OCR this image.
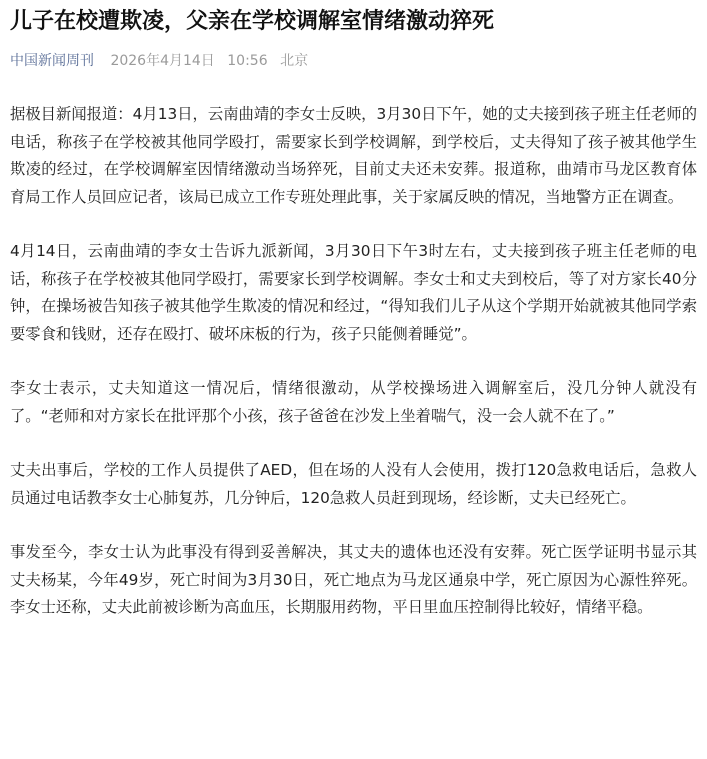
儿子在校遭欺凌，父亲在学校调解室情绪激动猝死
中国新闻周刊 2026年4月14日 10:56 北京

据极目新闻报道：4月13日，云南曲靖的李女士反映，3月30日下午，她的丈夫接到孩子班主任老师的电话，称孩子在学校被其他同学殴打，需要家长到学校调解，到学校后，丈夫得知了孩子被其他学生欺凌的经过，在学校调解室因情绪激动当场猝死，目前丈夫还未安葬。报道称，曲靖市马龙区教育体育局工作人员回应记者，该局已成立工作专班处理此事，关于家属反映的情况，当地警方正在调查。

4月14日，云南曲靖的李女士告诉九派新闻，3月30日下午3时左右，丈夫接到孩子班主任老师的电话，称孩子在学校被其他同学殴打，需要家长到学校调解。李女士和丈夫到校后，等了对方家长40分钟，在操场被告知孩子被其他学生欺凌的情况和经过，“得知我们儿子从这个学期开始就被其他同学索要零食和钱财，还存在殴打、破坏床板的行为，孩子只能侧着睡觉”。

李女士表示，丈夫知道这一情况后，情绪很激动，从学校操场进入调解室后，没几分钟人就没有了。“老师和对方家长在批评那个小孩，孩子爸爸在沙发上坐着喘气，没一会人就不在了。”

丈夫出事后，学校的工作人员提供了AED，但在场的人没有人会使用，拨打120急救电话后，急救人员通过电话教李女士心肺复苏，几分钟后，120急救人员赶到现场，经诊断，丈夫已经死亡。

事发至今，李女士认为此事没有得到妥善解决，其丈夫的遗体也还没有安葬。死亡医学证明书显示其丈夫杨某，今年49岁，死亡时间为3月30日，死亡地点为马龙区通泉中学，死亡原因为心源性猝死。李女士还称，丈夫此前被诊断为高血压，长期服用药物，平日里血压控制得比较好，情绪平稳。
